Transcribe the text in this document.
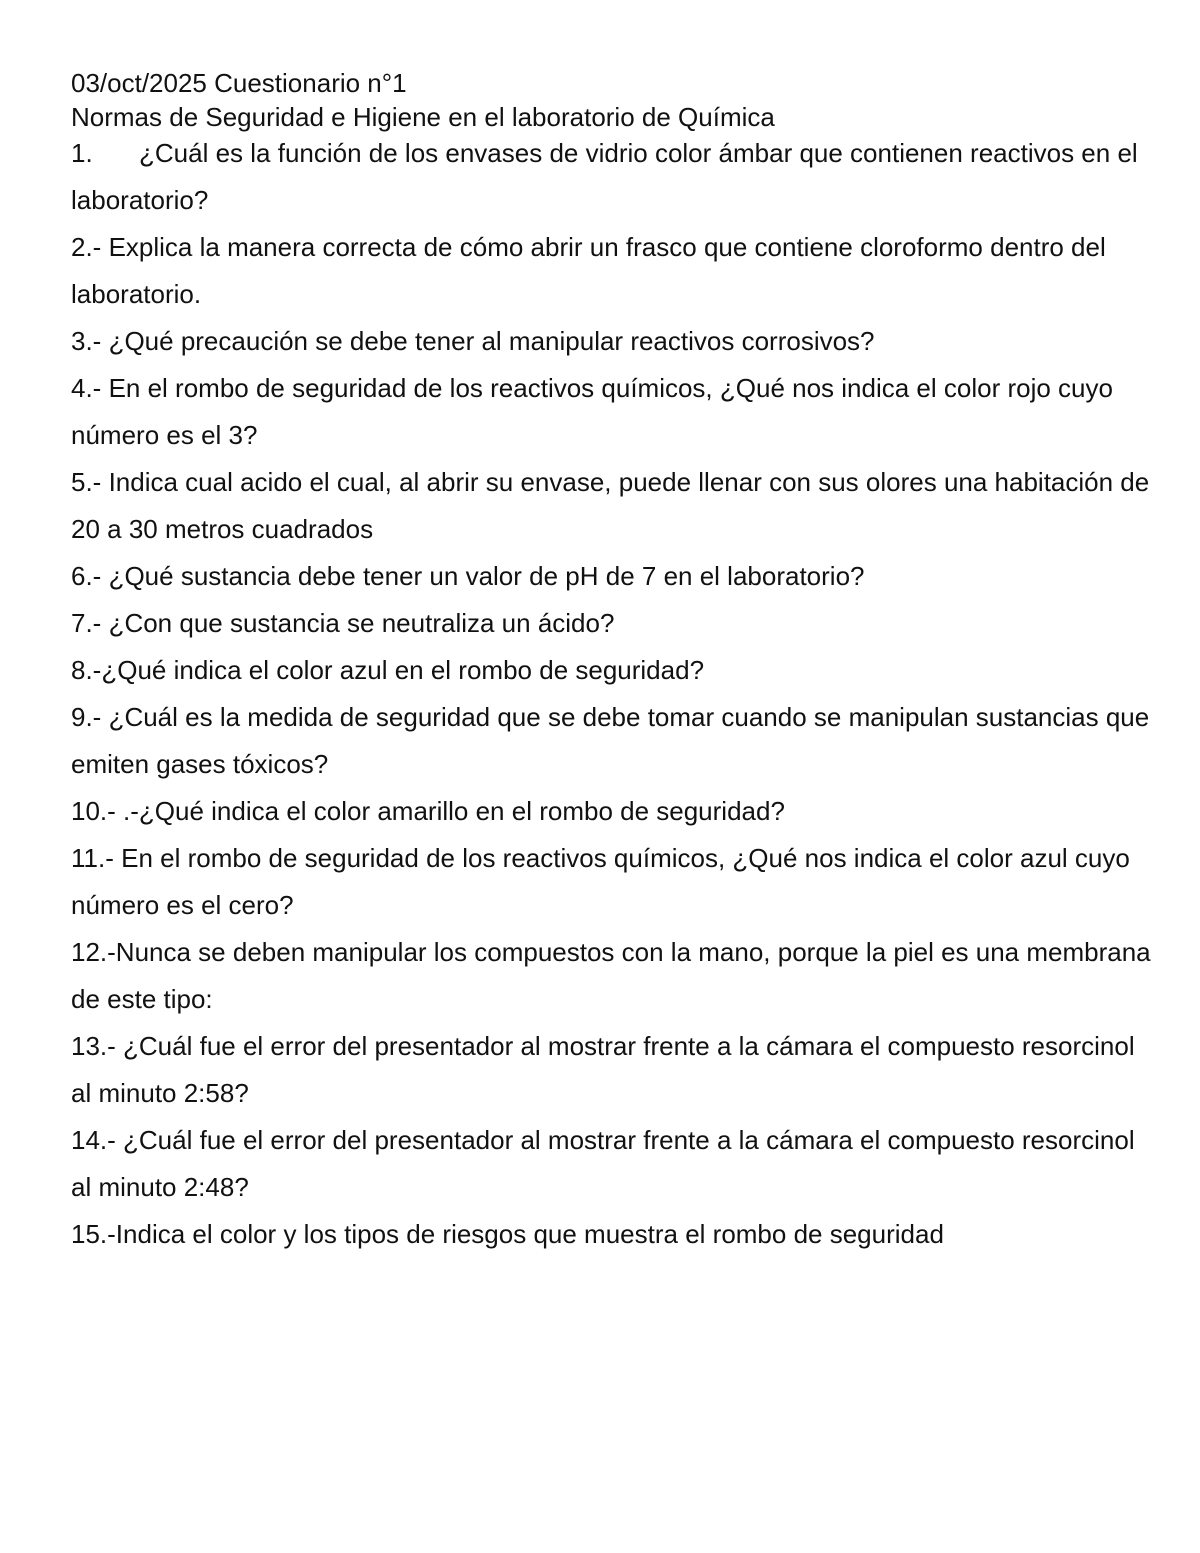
03/oct/2025 Cuestionario n°1
Normas de Seguridad e Higiene en el laboratorio de Química
1. ¿Cuál es la función de los envases de vidrio color ámbar que contienen reactivos en el laboratorio?
2.- Explica la manera correcta de cómo abrir un frasco que contiene cloroformo dentro del laboratorio.
3.- ¿Qué precaución se debe tener al manipular reactivos corrosivos?
4.- En el rombo de seguridad de los reactivos químicos, ¿Qué nos indica el color rojo cuyo número es el 3?
5.- Indica cual acido el cual, al abrir su envase, puede llenar con sus olores una habitación de 20 a 30 metros cuadrados
6.- ¿Qué sustancia debe tener un valor de pH de 7 en el laboratorio?
7.- ¿Con que sustancia se neutraliza un ácido?
8.-¿Qué indica el color azul en el rombo de seguridad?
9.- ¿Cuál es la medida de seguridad que se debe tomar cuando se manipulan sustancias que emiten gases tóxicos?
10.- .-¿Qué indica el color amarillo en el rombo de seguridad?
11.- En el rombo de seguridad de los reactivos químicos, ¿Qué nos indica el color azul cuyo número es el cero?
12.-Nunca se deben manipular los compuestos con la mano, porque la piel es una membrana de este tipo:
13.- ¿Cuál fue el error del presentador al mostrar frente a la cámara el compuesto resorcinol al minuto 2:58?
14.- ¿Cuál fue el error del presentador al mostrar frente a la cámara el compuesto resorcinol al minuto 2:48?
15.-Indica el color y los tipos de riesgos que muestra el rombo de seguridad
